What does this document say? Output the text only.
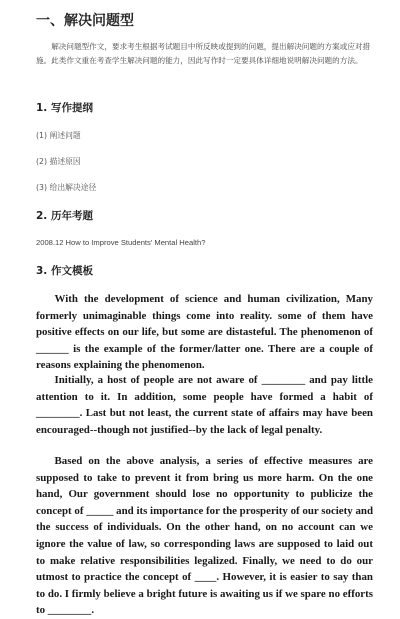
一、解决问题型
解决问题型作文，要求考生根据考试题目中所反映或提到的问题，提出解决问题的方案或应对措施。此类作文重在考查学生解决问题的能力，因此写作时一定要具体详细地说明解决问题的方法。
1. 写作提纲
(1) 阐述问题
(2) 描述原因
(3) 给出解决途径
2. 历年考题
2008.12 How to Improve Students' Mental Health?
3. 作文模板
With the development of science and human civilization, Many formerly unimaginable things come into reality. some of them have positive effects on our life, but some are distasteful. The phenomenon of ______ is the example of the former/latter one. There are a couple of reasons explaining the phenomenon.
Initially, a host of people are not aware of ________ and pay little attention to it. In addition, some people have formed a habit of ________. Last but not least, the current state of affairs may have been encouraged--though not justified--by the lack of legal penalty.
Based on the above analysis, a series of effective measures are supposed to take to prevent it from bring us more harm. On the one hand, Our government should lose no opportunity to publicize the concept of _____ and its importance for the prosperity of our society and the success of individuals. On the other hand, on no account can we ignore the value of law, so corresponding laws are supposed to laid out to make relative responsibilities legalized. Finally, we need to do our utmost to practice the concept of ____. However, it is easier to say than to do. I firmly believe a bright future is awaiting us if we spare no efforts to ________.
